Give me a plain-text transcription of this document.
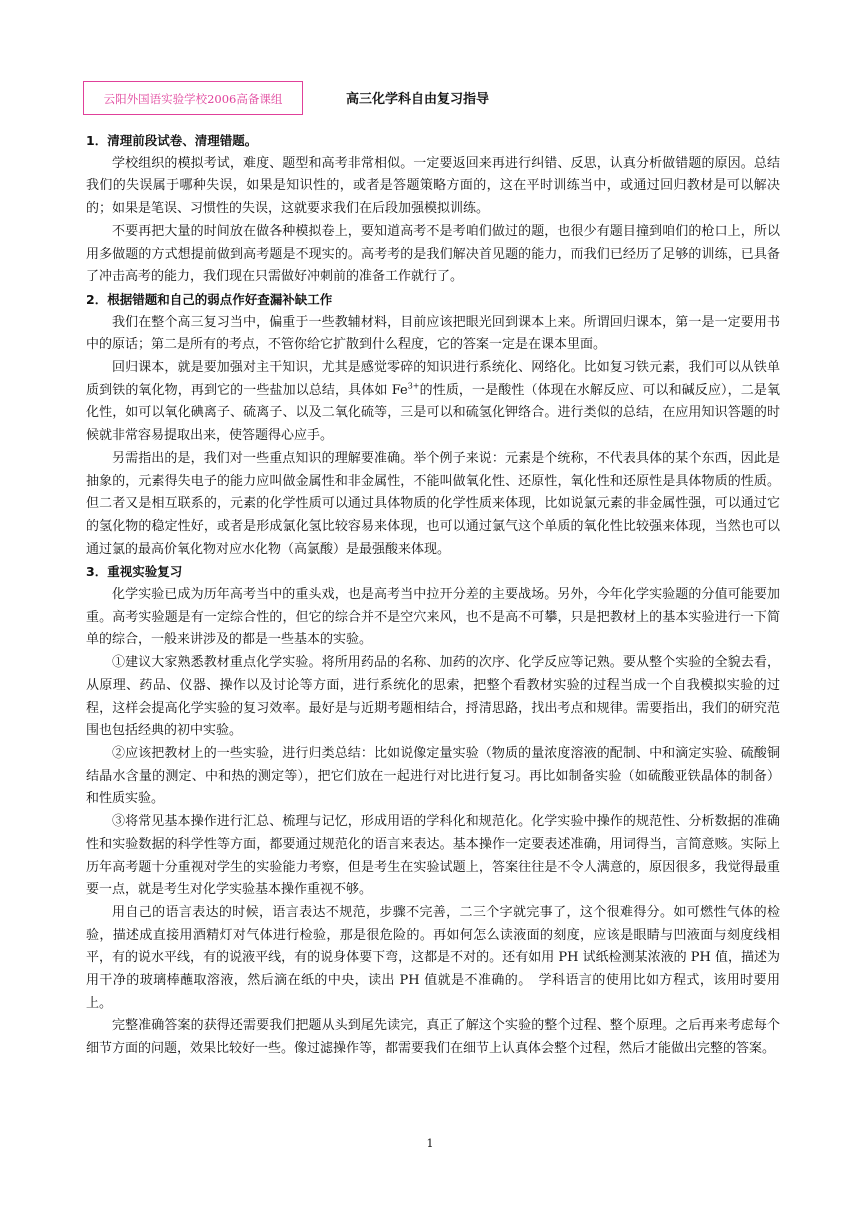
云阳外国语实验学校2006高备课组	高三化学科自由复习指导
1．清理前段试卷、清理错题。

学校组织的模拟考试，难度、题型和高考非常相似。一定要返回来再进行纠错、反思，认真分析做错题的原因。总结我们的失误属于哪种失误，如果是知识性的，或者是答题策略方面的，这在平时训练当中，或通过回归教材是可以解决的；如果是笔误、习惯性的失误，这就要求我们在后段加强模拟训练。

不要再把大量的时间放在做各种模拟卷上，要知道高考不是考咱们做过的题，也很少有题目撞到咱们的枪口上，所以用多做题的方式想提前做到高考题是不现实的。高考考的是我们解决首见题的能力，而我们已经历了足够的训练，已具备了冲击高考的能力，我们现在只需做好冲刺前的准备工作就行了。

2．根据错题和自己的弱点作好查漏补缺工作

我们在整个高三复习当中，偏重于一些教辅材料，目前应该把眼光回到课本上来。所谓回归课本，第一是一定要用书中的原话；第二是所有的考点，不管你给它扩散到什么程度，它的答案一定是在课本里面。

回归课本，就是要加强对主干知识，尤其是感觉零碎的知识进行系统化、网络化。比如复习铁元素，我们可以从铁单质到铁的氧化物，再到它的一些盐加以总结，具体如 $Fe^{3+}$的性质，一是酸性（体现在水解反应、可以和碱反应），二是氧化性，如可以氧化碘离子、硫离子、以及二氧化硫等，三是可以和硫氢化钾络合。进行类似的总结，在应用知识答题的时候就非常容易提取出来，使答题得心应手。

另需指出的是，我们对一些重点知识的理解要准确。举个例子来说：元素是个统称，不代表具体的某个东西，因此是抽象的，元素得失电子的能力应叫做金属性和非金属性，不能叫做氧化性、还原性，氧化性和还原性是具体物质的性质。但二者又是相互联系的，元素的化学性质可以通过具体物质的化学性质来体现，比如说氯元素的非金属性强，可以通过它的氢化物的稳定性好，或者是形成氯化氢比较容易来体现，也可以通过氯气这个单质的氧化性比较强来体现，当然也可以通过氯的最高价氧化物对应水化物（高氯酸）是最强酸来体现。

3．重视实验复习

化学实验已成为历年高考当中的重头戏，也是高考当中拉开分差的主要战场。另外，今年化学实验题的分值可能要加重。高考实验题是有一定综合性的，但它的综合并不是空穴来风，也不是高不可攀，只是把教材上的基本实验进行一下简单的综合，一般来讲涉及的都是一些基本的实验。

①建议大家熟悉教材重点化学实验。将所用药品的名称、加药的次序、化学反应等记熟。要从整个实验的全貌去看，从原理、药品、仪器、操作以及讨论等方面，进行系统化的思索，把整个看教材实验的过程当成一个自我模拟实验的过程，这样会提高化学实验的复习效率。最好是与近期考题相结合，捋清思路，找出考点和规律。需要指出，我们的研究范围也包括经典的初中实验。

②应该把教材上的一些实验，进行归类总结：比如说像定量实验（物质的量浓度溶液的配制、中和滴定实验、硫酸铜结晶水含量的测定、中和热的测定等），把它们放在一起进行对比进行复习。再比如制备实验（如硫酸亚铁晶体的制备）和性质实验。

③将常见基本操作进行汇总、梳理与记忆，形成用语的学科化和规范化。化学实验中操作的规范性、分析数据的准确性和实验数据的科学性等方面，都要通过规范化的语言来表达。基本操作一定要表述准确，用词得当，言简意赅。实际上历年高考题十分重视对学生的实验能力考察，但是考生在实验试题上，答案往往是不令人满意的，原因很多，我觉得最重要一点，就是考生对化学实验基本操作重视不够。

用自己的语言表达的时候，语言表达不规范，步骤不完善，二三个字就完事了，这个很难得分。如可燃性气体的检验，描述成直接用酒精灯对气体进行检验，那是很危险的。再如何怎么读液面的刻度，应该是眼睛与凹液面与刻度线相平，有的说水平线，有的说液平线，有的说身体要下弯，这都是不对的。还有如用 PH 试纸检测某浓液的 PH 值，描述为用干净的玻璃棒蘸取溶液，然后滴在纸的中央，读出 PH 值就是不准确的。　学科语言的使用比如方程式，该用时要用上。

完整准确答案的获得还需要我们把题从头到尾先读完，真正了解这个实验的整个过程、整个原理。之后再来考虑每个细节方面的问题，效果比较好一些。像过滤操作等，都需要我们在细节上认真体会整个过程，然后才能做出完整的答案。

1
